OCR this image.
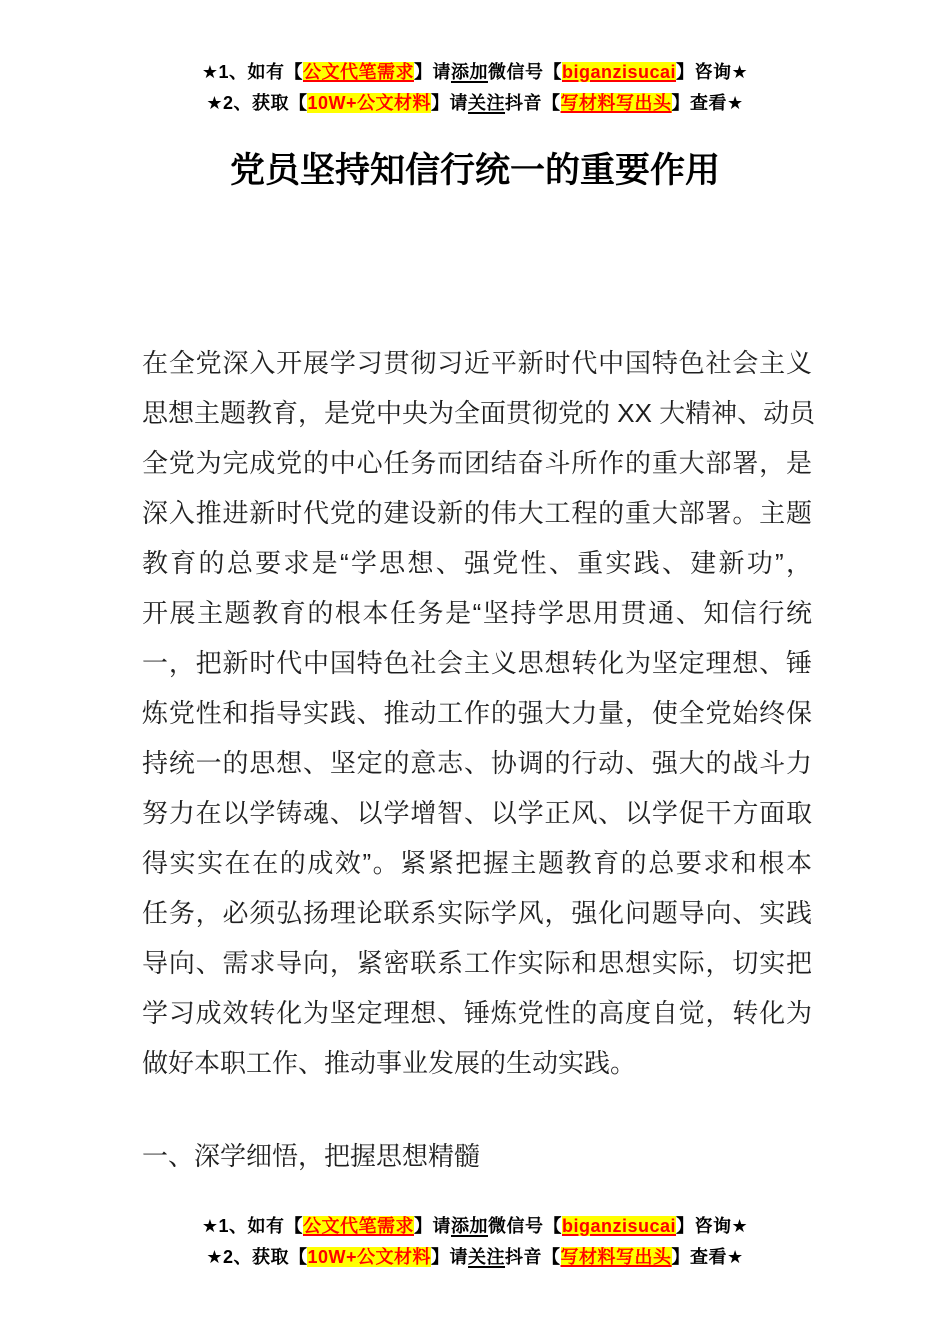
★1、如有【公文代笔需求】请添加微信号【biganzisucai】咨询★
★2、获取【10W+公文材料】请关注抖音【写材料写出头】查看★
党员坚持知信行统一的重要作用
在全党深入开展学习贯彻习近平新时代中国特色社会主义
思想主题教育，是党中央为全面贯彻党的 XX 大精神、动员
全党为完成党的中心任务而团结奋斗所作的重大部署，是
深入推进新时代党的建设新的伟大工程的重大部署。主题
教育的总要求是“学思想、强党性、重实践、建新功”，
开展主题教育的根本任务是“坚持学思用贯通、知信行统
一，把新时代中国特色社会主义思想转化为坚定理想、锤
炼党性和指导实践、推动工作的强大力量，使全党始终保
持统一的思想、坚定的意志、协调的行动、强大的战斗力
努力在以学铸魂、以学增智、以学正风、以学促干方面取
得实实在在的成效”。紧紧把握主题教育的总要求和根本
任务，必须弘扬理论联系实际学风，强化问题导向、实践
导向、需求导向，紧密联系工作实际和思想实际，切实把
学习成效转化为坚定理想、锤炼党性的高度自觉，转化为
做好本职工作、推动事业发展的生动实践。
一、深学细悟，把握思想精髓
★1、如有【公文代笔需求】请添加微信号【biganzisucai】咨询★
★2、获取【10W+公文材料】请关注抖音【写材料写出头】查看★
